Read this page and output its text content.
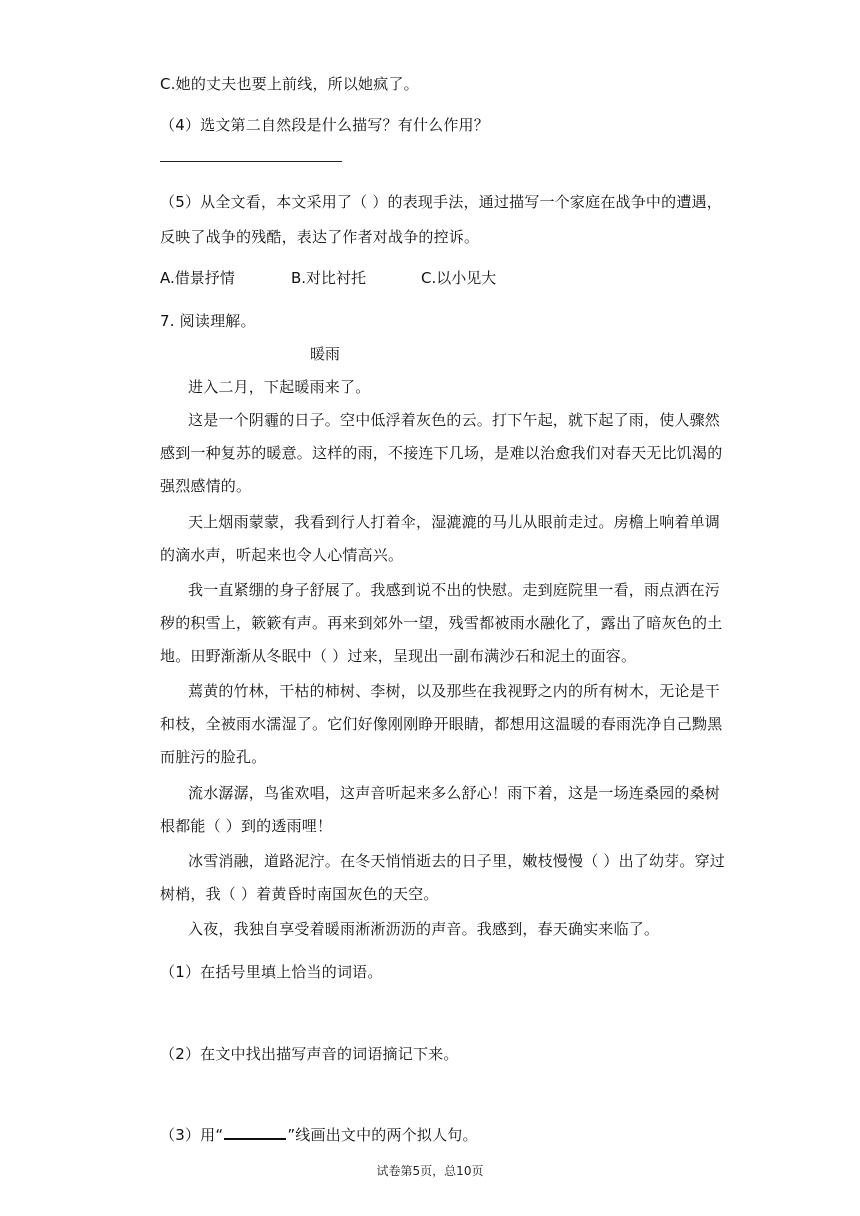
C.她的丈夫也要上前线，所以她疯了。
（4）选文第二自然段是什么描写？有什么作用？
（5）从全文看，本文采用了（ ）的表现手法，通过描写一个家庭在战争中的遭遇，
反映了战争的残酷，表达了作者对战争的控诉。
A.借景抒情	B.对比衬托	C.以小见大
7. 阅读理解。
暖雨
进入二月，下起暖雨来了。
这是一个阴霾的日子。空中低浮着灰色的云。打下午起，就下起了雨，使人骤然
感到一种复苏的暖意。这样的雨，不接连下几场，是难以治愈我们对春天无比饥渴的
强烈感情的。
天上烟雨蒙蒙，我看到行人打着伞，湿漉漉的马儿从眼前走过。房檐上响着单调
的滴水声，听起来也令人心情高兴。
我一直紧绷的身子舒展了。我感到说不出的快慰。走到庭院里一看，雨点洒在污
秽的积雪上，簌簌有声。再来到郊外一望，残雪都被雨水融化了，露出了暗灰色的土
地。田野渐渐从冬眠中（ ）过来，呈现出一副布满沙石和泥土的面容。
蔫黄的竹林，干枯的柿树、李树，以及那些在我视野之内的所有树木，无论是干
和枝，全被雨水濡湿了。它们好像刚刚睁开眼睛，都想用这温暖的春雨洗净自己黝黑
而脏污的脸孔。
流水潺潺，鸟雀欢唱，这声音听起来多么舒心！雨下着，这是一场连桑园的桑树
根都能（ ）到的透雨哩！
冰雪消融，道路泥泞。在冬天悄悄逝去的日子里，嫩枝慢慢（ ）出了幼芽。穿过
树梢，我（ ）着黄昏时南国灰色的天空。
入夜，我独自享受着暖雨淅淅沥沥的声音。我感到，春天确实来临了。
（1）在括号里填上恰当的词语。
（2）在文中找出描写声音的词语摘记下来。
（3）用“	”线画出文中的两个拟人句。
试卷第5页，总10页
